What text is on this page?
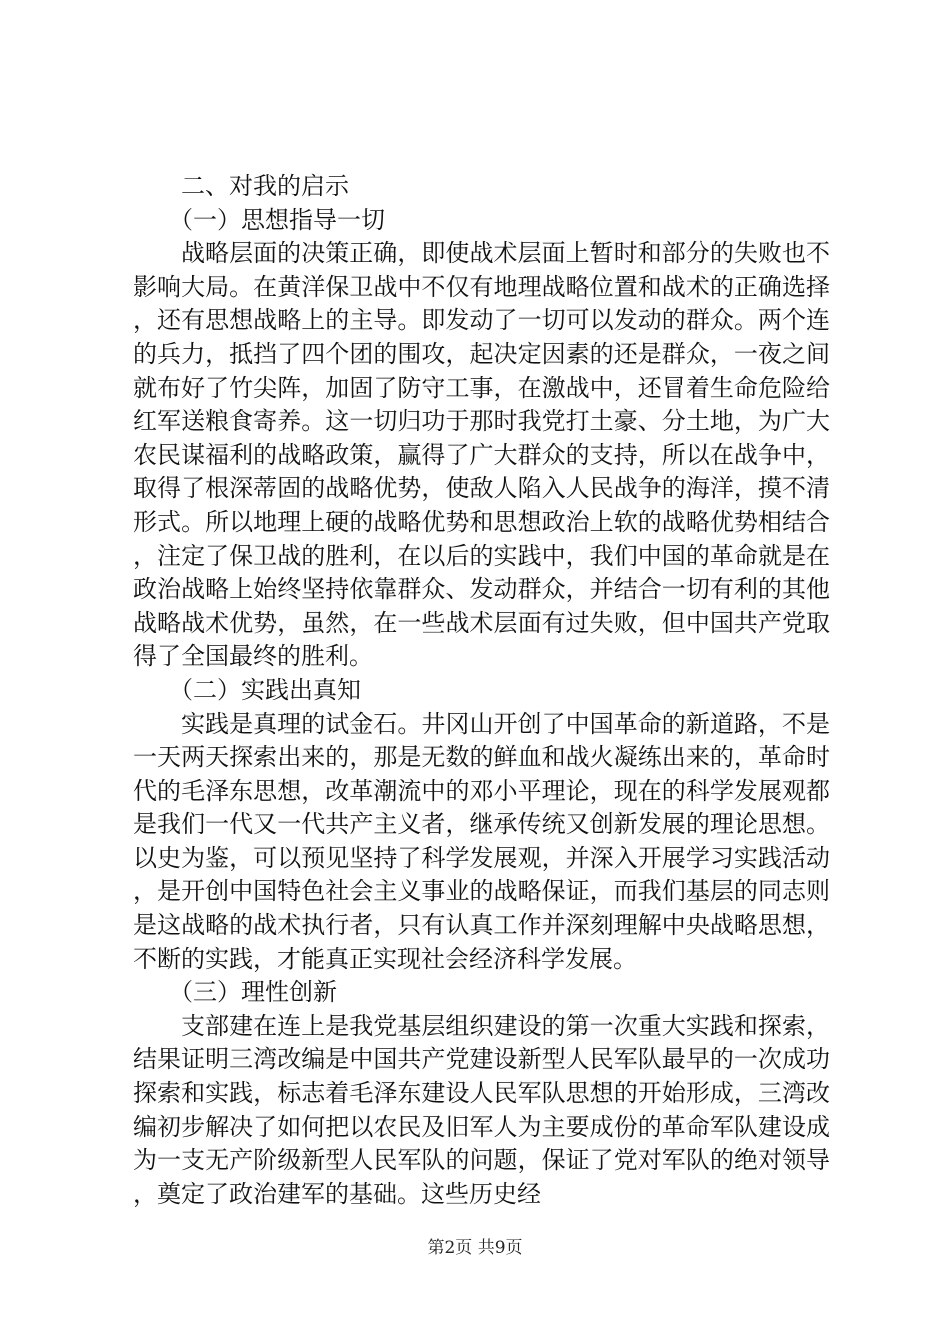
二、对我的启示

（一）思想指导一切

战略层面的决策正确，即使战术层面上暂时和部分的失败也不影响大局。在黄洋保卫战中不仅有地理战略位置和战术的正确选择，还有思想战略上的主导。即发动了一切可以发动的群众。两个连的兵力，抵挡了四个团的围攻，起决定因素的还是群众，一夜之间就布好了竹尖阵，加固了防守工事，在激战中，还冒着生命危险给红军送粮食寄养。这一切归功于那时我党打土豪、分土地，为广大农民谋福利的战略政策，赢得了广大群众的支持，所以在战争中，取得了根深蒂固的战略优势，使敌人陷入人民战争的海洋，摸不清形式。所以地理上硬的战略优势和思想政治上软的战略优势相结合，注定了保卫战的胜利，在以后的实践中，我们中国的革命就是在政治战略上始终坚持依靠群众、发动群众，并结合一切有利的其他战略战术优势，虽然，在一些战术层面有过失败，但中国共产党取得了全国最终的胜利。

（二）实践出真知

实践是真理的试金石。井冈山开创了中国革命的新道路，不是一天两天探索出来的，那是无数的鲜血和战火凝练出来的，革命时代的毛泽东思想，改革潮流中的邓小平理论，现在的科学发展观都是我们一代又一代共产主义者，继承传统又创新发展的理论思想。以史为鉴，可以预见坚持了科学发展观，并深入开展学习实践活动，是开创中国特色社会主义事业的战略保证，而我们基层的同志则是这战略的战术执行者，只有认真工作并深刻理解中央战略思想，不断的实践，才能真正实现社会经济科学发展。

（三）理性创新

支部建在连上是我党基层组织建设的第一次重大实践和探索，结果证明三湾改编是中国共产党建设新型人民军队最早的一次成功探索和实践，标志着毛泽东建设人民军队思想的开始形成，三湾改编初步解决了如何把以农民及旧军人为主要成份的革命军队建设成为一支无产阶级新型人民军队的问题，保证了党对军队的绝对领导，奠定了政治建军的基础。这些历史经

第2页 共9页
